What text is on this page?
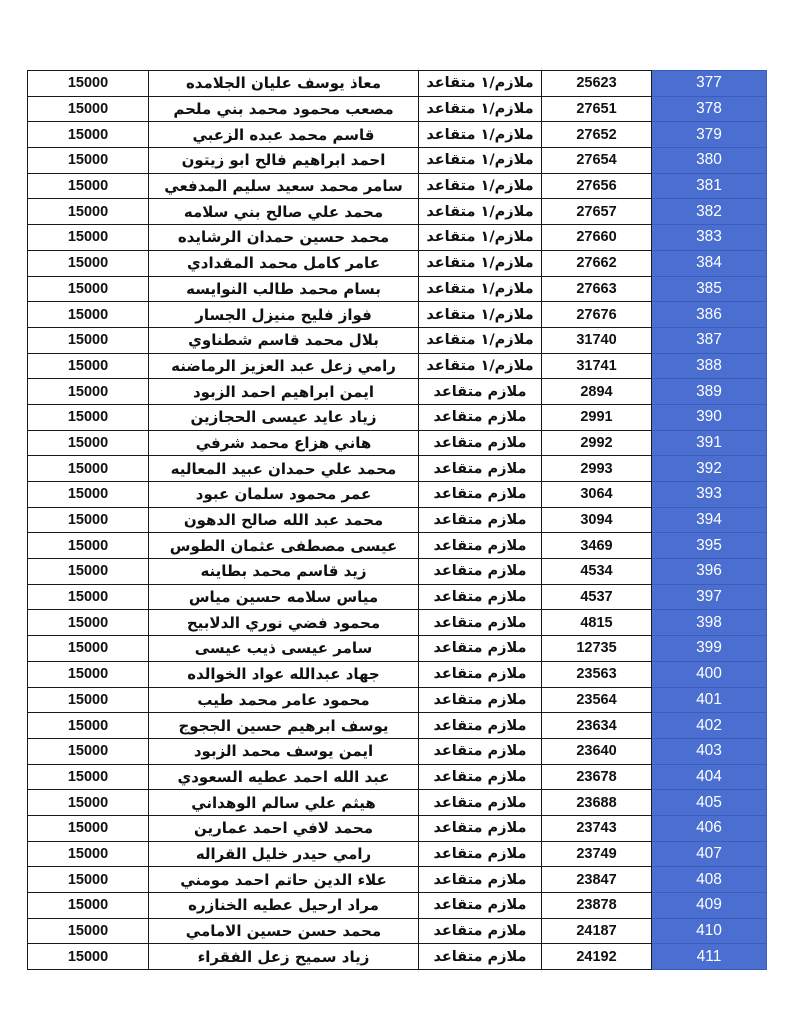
15000	معاذ يوسف عليان الجلامده	ملازم/١ متقاعد	25623	377
15000	مصعب محمود محمد بني ملحم	ملازم/١ متقاعد	27651	378
15000	قاسم محمد عبده الزعبي	ملازم/١ متقاعد	27652	379
15000	احمد ابراهيم فالح ابو زيتون	ملازم/١ متقاعد	27654	380
15000	سامر محمد سعيد سليم المدفعي	ملازم/١ متقاعد	27656	381
15000	محمد علي صالح بني سلامه	ملازم/١ متقاعد	27657	382
15000	محمد حسين حمدان الرشايده	ملازم/١ متقاعد	27660	383
15000	عامر كامل محمد المقدادي	ملازم/١ متقاعد	27662	384
15000	بسام محمد طالب النوايسه	ملازم/١ متقاعد	27663	385
15000	فواز فليح منيزل الجسار	ملازم/١ متقاعد	27676	386
15000	بلال محمد قاسم شطناوي	ملازم/١ متقاعد	31740	387
15000	رامي زعل عبد العزيز الرماضنه	ملازم/١ متقاعد	31741	388
15000	ايمن ابراهيم احمد الزبود	ملازم متقاعد	2894	389
15000	زياد عايد عيسى الحجازين	ملازم متقاعد	2991	390
15000	هاني هزاع محمد شرفي	ملازم متقاعد	2992	391
15000	محمد علي حمدان عبيد المعاليه	ملازم متقاعد	2993	392
15000	عمر محمود سلمان عبود	ملازم متقاعد	3064	393
15000	محمد عبد الله صالح الدهون	ملازم متقاعد	3094	394
15000	عيسى مصطفى عثمان الطوس	ملازم متقاعد	3469	395
15000	زيد قاسم محمد بطاينه	ملازم متقاعد	4534	396
15000	مياس سلامه حسين مياس	ملازم متقاعد	4537	397
15000	محمود فضي نوري الدلابيح	ملازم متقاعد	4815	398
15000	سامر عيسى ذيب عيسى	ملازم متقاعد	12735	399
15000	جهاد عبدالله عواد الخوالده	ملازم متقاعد	23563	400
15000	محمود عامر محمد طيب	ملازم متقاعد	23564	401
15000	يوسف ابرهيم حسين الججوج	ملازم متقاعد	23634	402
15000	ايمن يوسف محمد الزبود	ملازم متقاعد	23640	403
15000	عبد الله احمد عطيه السعودي	ملازم متقاعد	23678	404
15000	هيثم علي سالم الوهداني	ملازم متقاعد	23688	405
15000	محمد لافي احمد عمارين	ملازم متقاعد	23743	406
15000	رامي حيدر خليل القراله	ملازم متقاعد	23749	407
15000	علاء الدين حاتم احمد مومني	ملازم متقاعد	23847	408
15000	مراد ارحيل عطيه الخنازره	ملازم متقاعد	23878	409
15000	محمد حسن حسين الامامي	ملازم متقاعد	24187	410
15000	زياد سميح زعل الفقراء	ملازم متقاعد	24192	411
